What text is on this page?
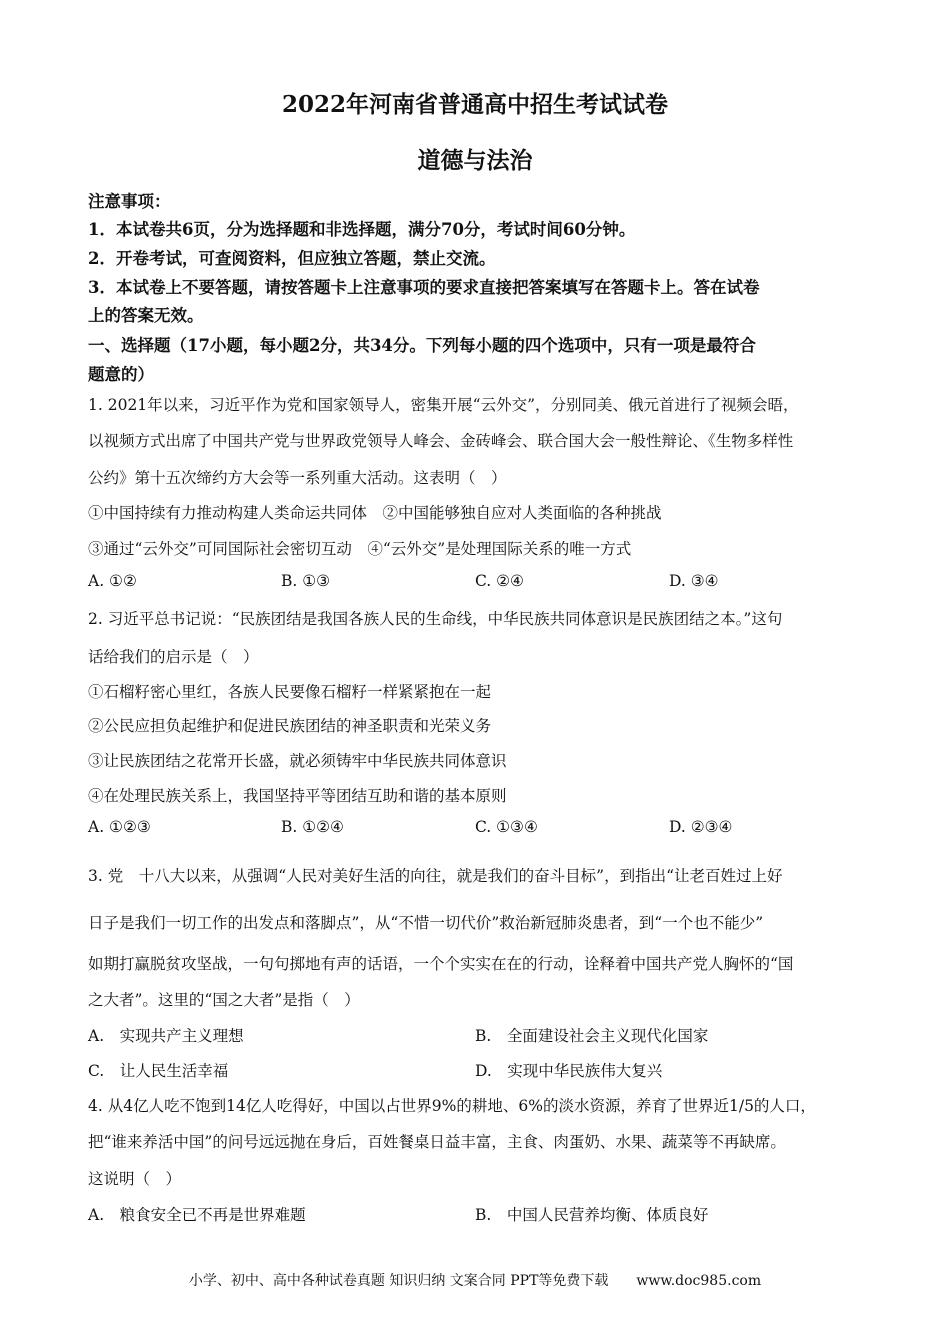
2022年河南省普通高中招生考试试卷
道德与法治
注意事项：
1．本试卷共6页，分为选择题和非选择题，满分70分，考试时间60分钟。
2．开卷考试，可查阅资料，但应独立答题，禁止交流。
3．本试卷上不要答题，请按答题卡上注意事项的要求直接把答案填写在答题卡上。答在试卷
上的答案无效。
一、选择题（17小题，每小题2分，共34分。下列每小题的四个选项中，只有一项是最符合
题意的）
1. 2021年以来，习近平作为党和国家领导人，密集开展“云外交”，分别同美、俄元首进行了视频会晤，
以视频方式出席了中国共产党与世界政党领导人峰会、金砖峰会、联合国大会一般性辩论、《生物多样性
公约》第十五次缔约方大会等一系列重大活动。这表明（　）
①中国持续有力推动构建人类命运共同体　②中国能够独自应对人类面临的各种挑战
③通过“云外交”可同国际社会密切互动　④“云外交”是处理国际关系的唯一方式
A. ①②	B. ①③	C. ②④	D. ③④
2. 习近平总书记说：“民族团结是我国各族人民的生命线，中华民族共同体意识是民族团结之本。”这句
话给我们的启示是（　）
①石榴籽密心里红，各族人民要像石榴籽一样紧紧抱在一起
②公民应担负起维护和促进民族团结的神圣职责和光荣义务
③让民族团结之花常开长盛，就必须铸牢中华民族共同体意识
④在处理民族关系上，我国坚持平等团结互助和谐的基本原则
A. ①②③	B. ①②④	C. ①③④	D. ②③④
3. 党　十八大以来，从强调“人民对美好生活的向往，就是我们的奋斗目标”，到指出“让老百姓过上好
日子是我们一切工作的出发点和落脚点”，从“不惜一切代价”救治新冠肺炎患者，到“一个也不能少”
如期打赢脱贫攻坚战，一句句掷地有声的话语，一个个实实在在的行动，诠释着中国共产党人胸怀的“国
之大者”。这里的“国之大者”是指（　）
A.　实现共产主义理想	B.　全面建设社会主义现代化国家
C.　让人民生活幸福	D.　实现中华民族伟大复兴
4. 从4亿人吃不饱到14亿人吃得好，中国以占世界9%的耕地、6%的淡水资源，养育了世界近1/5的人口，
把“谁来养活中国”的问号远远抛在身后，百姓餐桌日益丰富，主食、肉蛋奶、水果、蔬菜等不再缺席。
这说明（　）
A.　粮食安全已不再是世界难题	B.　中国人民营养均衡、体质良好
小学、初中、高中各种试卷真题 知识归纳 文案合同 PPT等免费下载 www.doc985.com
